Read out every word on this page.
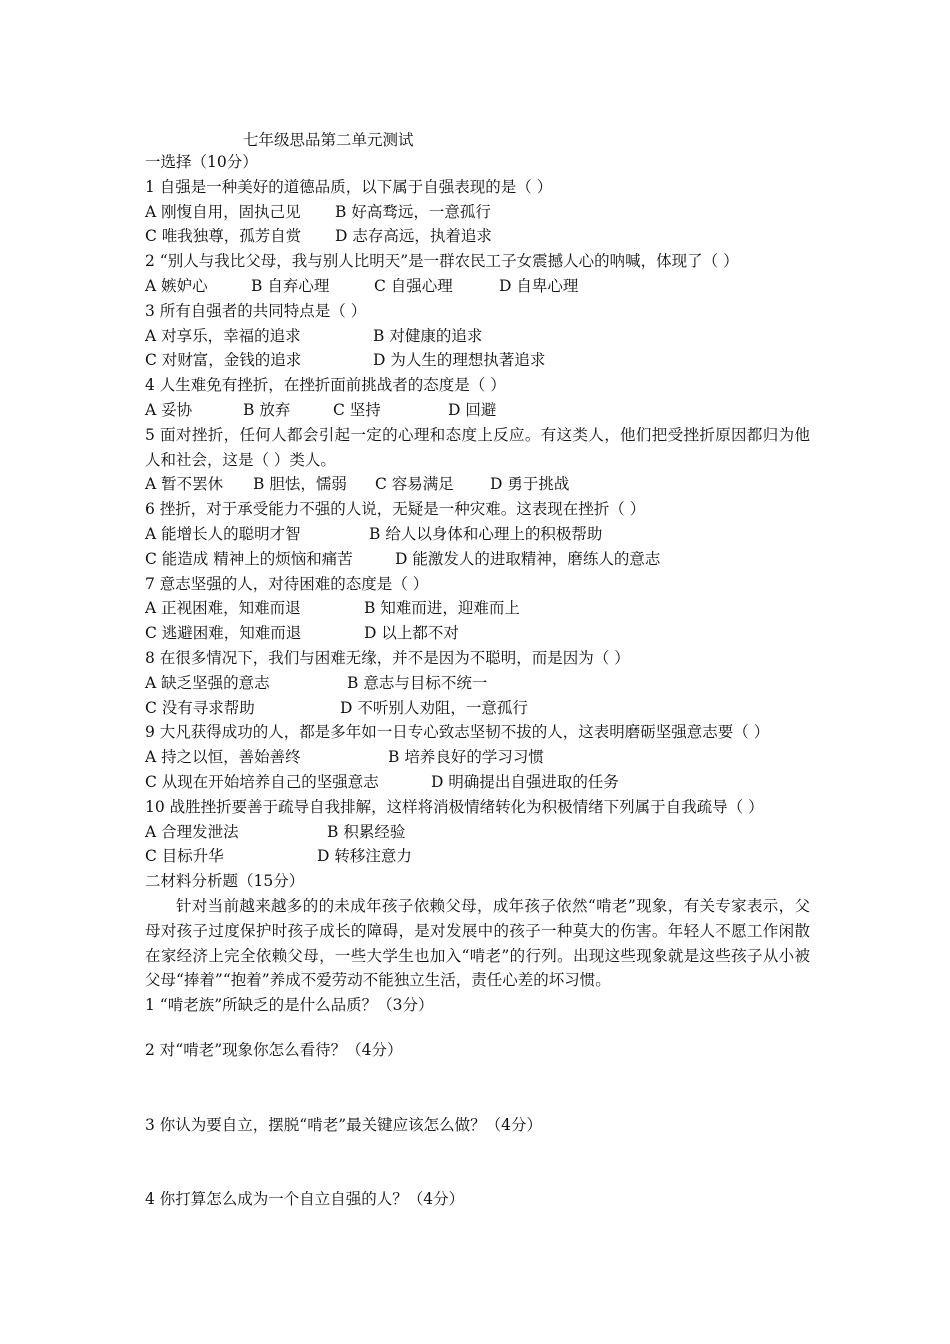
七年级思品第二单元测试
一选择（10分）
1 自强是一种美好的道德品质，以下属于自强表现的是（ ）
A 刚愎自用，固执己见	B 好高骛远，一意孤行
C 唯我独尊，孤芳自赏	D 志存高远，执着追求
2 “别人与我比父母，我与别人比明天”是一群农民工子女震撼人心的呐喊，体现了（ ）
A 嫉妒心	B 自弃心理	C 自强心理	D 自卑心理
3 所有自强者的共同特点是（ ）
A 对享乐，幸福的追求	B 对健康的追求
C 对财富，金钱的追求	D 为人生的理想执著追求
4 人生难免有挫折，在挫折面前挑战者的态度是（ ）
A 妥协	B 放弃	C 坚持	D 回避
5 面对挫折，任何人都会引起一定的心理和态度上反应。有这类人，他们把受挫折原因都归为他人和社会，这是（ ）类人。
A 暂不罢休	B 胆怯，懦弱	C 容易满足	D 勇于挑战
6 挫折，对于承受能力不强的人说，无疑是一种灾难。这表现在挫折（ ）
A 能增长人的聪明才智	B 给人以身体和心理上的积极帮助
C 能造成 精神上的烦恼和痛苦	D 能激发人的进取精神，磨练人的意志
7 意志坚强的人，对待困难的态度是（ ）
A 正视困难，知难而退	B 知难而进，迎难而上
C 逃避困难，知难而退	D 以上都不对
8 在很多情况下，我们与困难无缘，并不是因为不聪明，而是因为（ ）
A 缺乏坚强的意志	B 意志与目标不统一
C 没有寻求帮助	D 不听别人劝阻，一意孤行
9 大凡获得成功的人，都是多年如一日专心致志坚韧不拔的人，这表明磨砺坚强意志要（ ）
A 持之以恒，善始善终	B 培养良好的学习习惯
C 从现在开始培养自己的坚强意志	D 明确提出自强进取的任务
10 战胜挫折要善于疏导自我排解，这样将消极情绪转化为积极情绪下列属于自我疏导（ ）
A 合理发泄法	B 积累经验
C 目标升华	D 转移注意力
二材料分析题（15分）
针对当前越来越多的的未成年孩子依赖父母，成年孩子依然“啃老”现象，有关专家表示，父母对孩子过度保护时孩子成长的障碍，是对发展中的孩子一种莫大的伤害。年轻人不愿工作闲散在家经济上完全依赖父母，一些大学生也加入“啃老”的行列。出现这些现象就是这些孩子从小被父母“捧着”“抱着”养成不爱劳动不能独立生活，责任心差的坏习惯。
1 “啃老族”所缺乏的是什么品质？（3分）
2 对“啃老”现象你怎么看待？（4分）
3 你认为要自立，摆脱“啃老”最关键应该怎么做？（4分）
4 你打算怎么成为一个自立自强的人？（4分）
